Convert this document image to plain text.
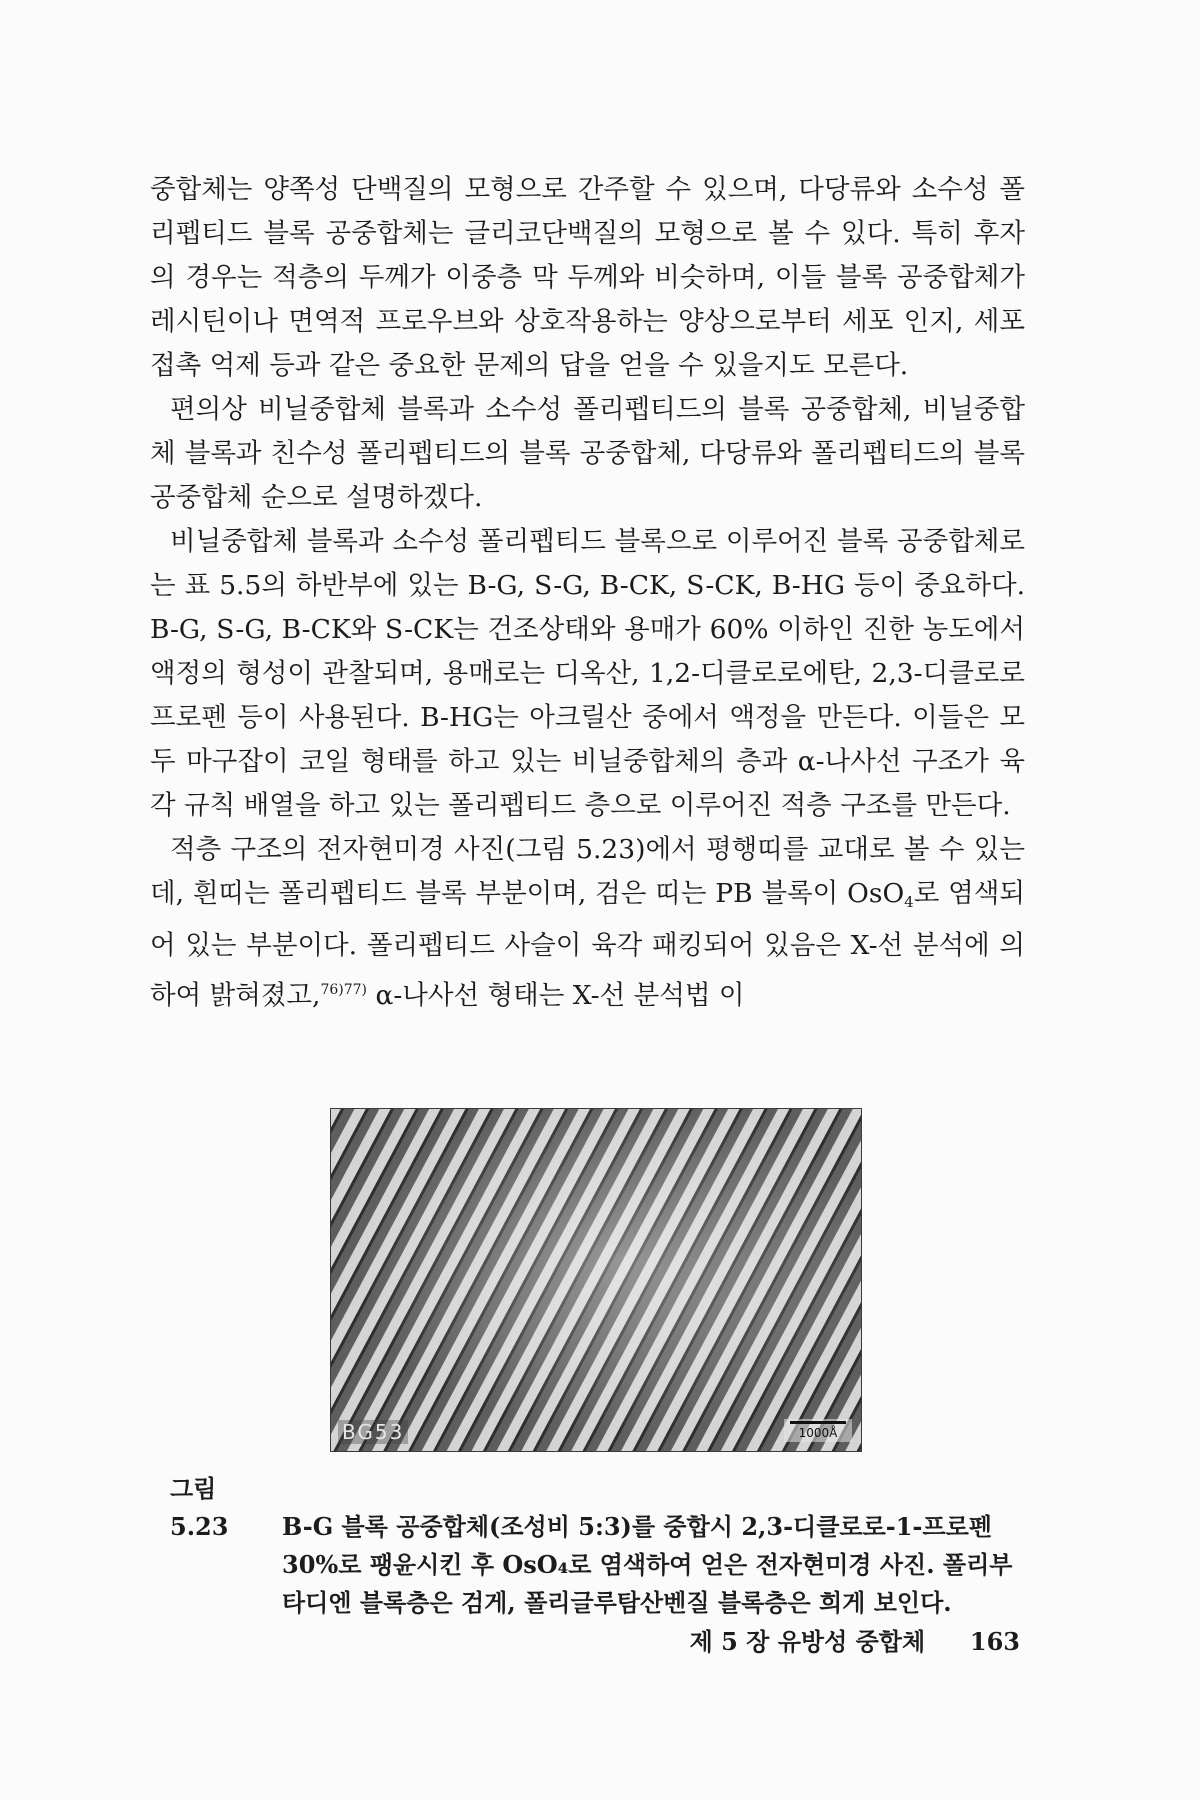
중합체는 양쪽성 단백질의 모형으로 간주할 수 있으며, 다당류와 소수성 폴리펩티드 블록 공중합체는 글리코단백질의 모형으로 볼 수 있다. 특히 후자의 경우는 적층의 두께가 이중층 막 두께와 비슷하며, 이들 블록 공중합체가 레시틴이나 면역적 프로우브와 상호작용하는 양상으로부터 세포 인지, 세포 접촉 억제 등과 같은 중요한 문제의 답을 얻을 수 있을지도 모른다.

편의상 비닐중합체 블록과 소수성 폴리펩티드의 블록 공중합체, 비닐중합체 블록과 친수성 폴리펩티드의 블록 공중합체, 다당류와 폴리펩티드의 블록 공중합체 순으로 설명하겠다.

비닐중합체 블록과 소수성 폴리펩티드 블록으로 이루어진 블록 공중합체로는 표 5.5의 하반부에 있는 B-G, S-G, B-CK, S-CK, B-HG 등이 중요하다. B-G, S-G, B-CK와 S-CK는 건조상태와 용매가 60% 이하인 진한 농도에서 액정의 형성이 관찰되며, 용매로는 디옥산, 1,2-디클로로에탄, 2,3-디클로로프로펜 등이 사용된다. B-HG는 아크릴산 중에서 액정을 만든다. 이들은 모두 마구잡이 코일 형태를 하고 있는 비닐중합체의 층과 α-나사선 구조가 육각 규칙 배열을 하고 있는 폴리펩티드 층으로 이루어진 적층 구조를 만든다.

적층 구조의 전자현미경 사진(그림 5.23)에서 평행띠를 교대로 볼 수 있는데, 흰띠는 폴리펩티드 블록 부분이며, 검은 띠는 PB 블록이 OsO$_4$로 염색되어 있는 부분이다. 폴리펩티드 사슬이 육각 패킹되어 있음은 X-선 분석에 의하여 밝혀졌고,$^{76)77)}$ α-나사선 형태는 X-선 분석법 이

BG53	1000Å
그림 5.23 B-G 블록 공중합체(조성비 5:3)를 중합시 2,3-디클로로-1-프로펜
30%로 팽윤시킨 후 OsO₄로 염색하여 얻은 전자현미경 사진. 폴리부
타디엔 블록층은 검게, 폴리글루탐산벤질 블록층은 희게 보인다.
제 5 장 유방성 중합체 163
